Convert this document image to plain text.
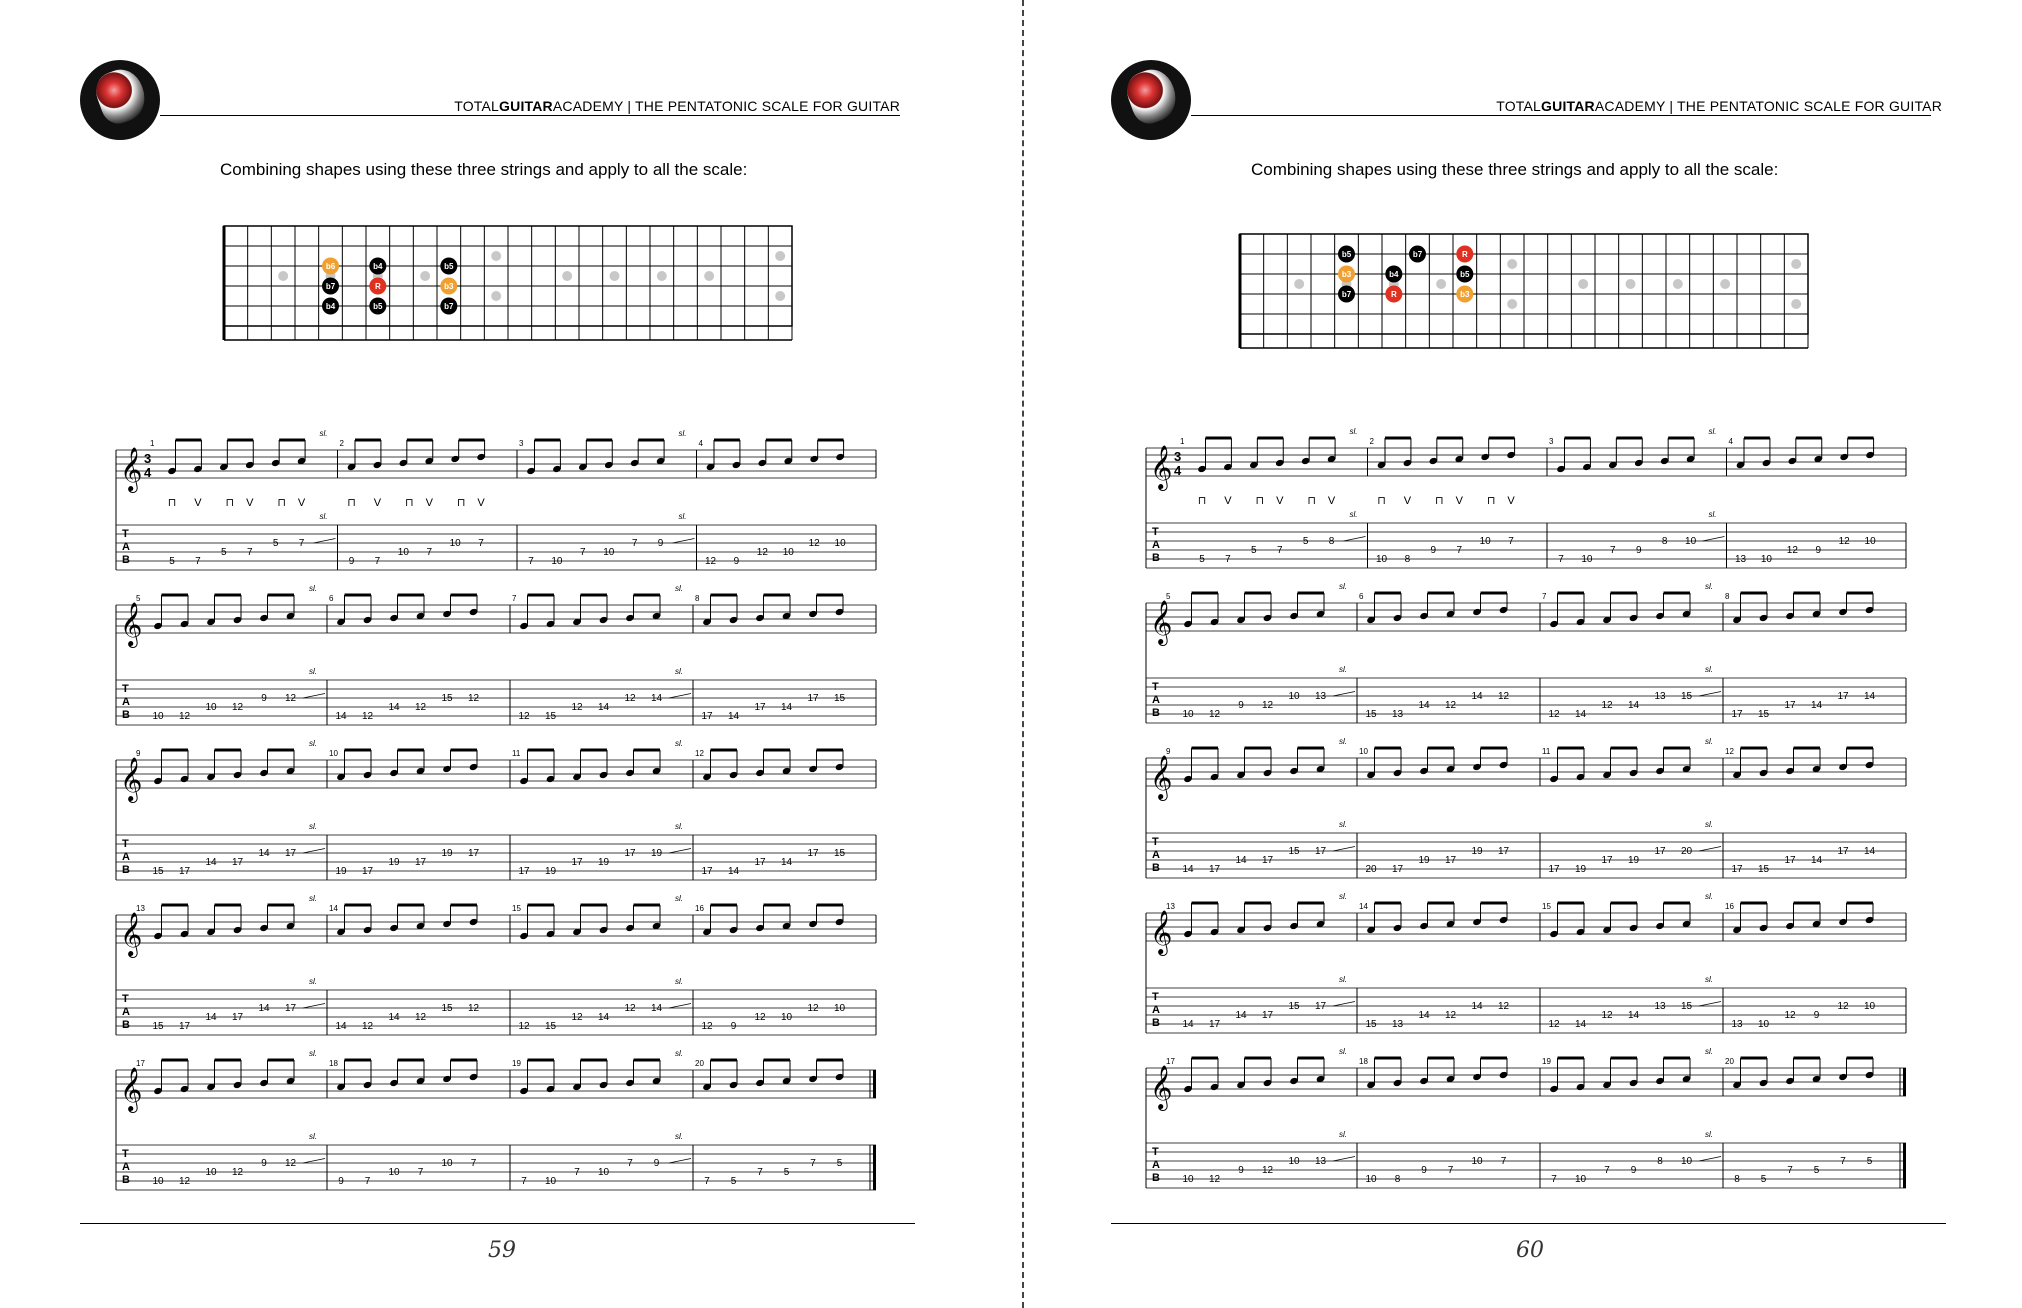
TOTALGUITARACADEMY | THE PENTATONIC SCALE FOR GUITAR
Combining shapes using these three strings and apply to all the scale:
b6	b4	b5
b7	R	b3
b4	b5	b7
𝄞
T
A
B
3
4
1
5
⊓
7
V
5
⊓
7
V
5
⊓
7
V
2
9
⊓
7
V
10
⊓
7
V
10
⊓
7
V
sl.
sl.
3
7 10
7 10
7 9
4
12 9
12 10
12 10
sl.
sl.
𝄞
T
A
B
5
10 12
10 12
9 12
6
14 12
14 12
15 12
sl.
sl.
7
12 15
12 14
12 14
8
17 14
17 14
17 15
sl.
sl.
𝄞
T
A
B
9
15 17
14 17
14 17
10
19 17
19 17
19 17
sl.
sl.
11
17 19
17 19
17 19
12
17 14
17 14
17 15
sl.
sl.
𝄞
T
A
B
13
15 17
14 17
14 17
14
14 12
14 12
15 12
sl.
sl.
15
12 15
12 14
12 14
16
12 9
12 10
12 10
sl.
sl.
𝄞
T
A
B
17
10 12
10 12
9 12
18
9 7
10 7
10 7
sl.
sl.
19
7 10
7 10
7 9
20
7 5
7 5
7 5
sl.
sl.
59
TOTALGUITARACADEMY | THE PENTATONIC SCALE FOR GUITAR
Combining shapes using these three strings and apply to all the scale:
b5	b7	R
b3	b4	b5
b7	R	b3
𝄞
T
A
B
3
4
1
5
⊓
7
V
5
⊓
7
V
5
⊓
8
V
2
10
⊓
8
V
9
⊓
7
V
10
⊓
7
V
sl.
sl.
3
7 10
7 9
8 10
4
13 10
12 9
12 10
sl.
sl.
𝄞
T
A
B
5
10 12
9 12
10 13
6
15 13
14 12
14 12
sl.
sl.
7
12 14
12 14
13 15
8
17 15
17 14
17 14
sl.
sl.
𝄞
T
A
B
9
14 17
14 17
15 17
10
20 17
19 17
19 17
sl.
sl.
11
17 19
17 19
17 20
12
17 15
17 14
17 14
sl.
sl.
𝄞
T
A
B
13
14 17
14 17
15 17
14
15 13
14 12
14 12
sl.
sl.
15
12 14
12 14
13 15
16
13 10
12 9
12 10
sl.
sl.
𝄞
T
A
B
17
10 12
9 12
10 13
18
10 8
9 7
10 7
sl.
sl.
19
7 10
7 9
8 10
20
8 5
7 5
7 5
sl.
sl.
60
